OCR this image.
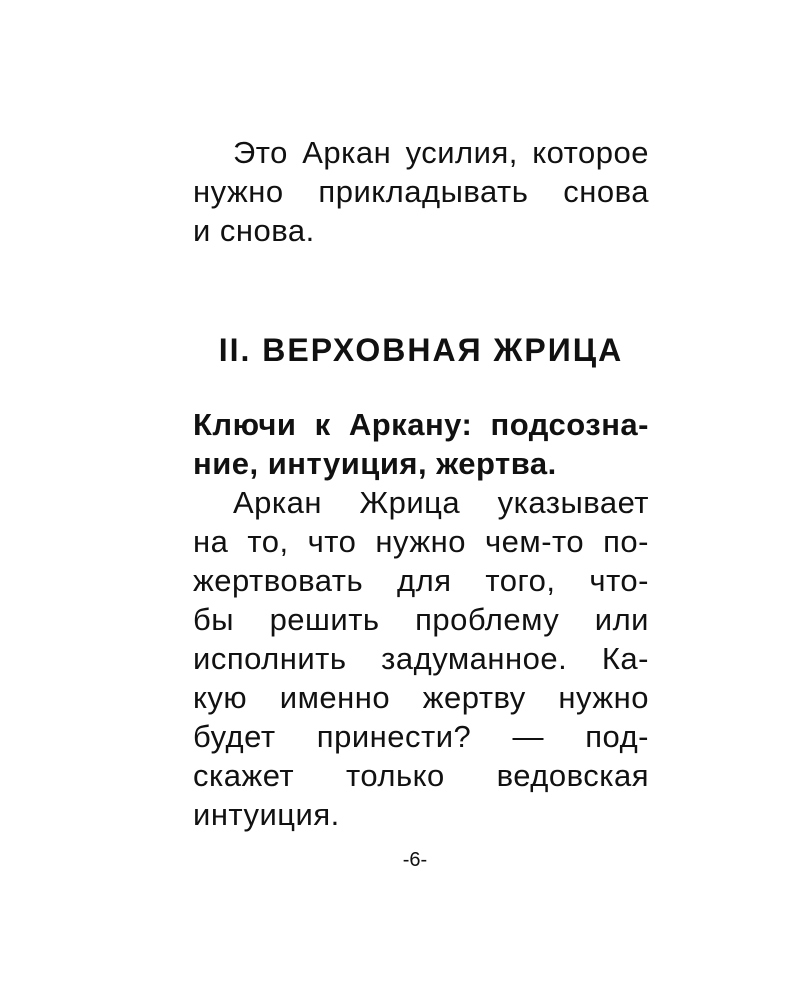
Это Аркан усилия, которое
нужно прикладывать снова
и снова.
II. ВЕРХОВНАЯ ЖРИЦА
Ключи к Аркану: подсозна-
ние, интуиция, жертва.
Аркан Жрица указывает
на то, что нужно чем-то по-
жертвовать для того, что-
бы решить проблему или
исполнить задуманное. Ка-
кую именно жертву нужно
будет принести? — под-
скажет только ведовская
интуиция.
-6-
